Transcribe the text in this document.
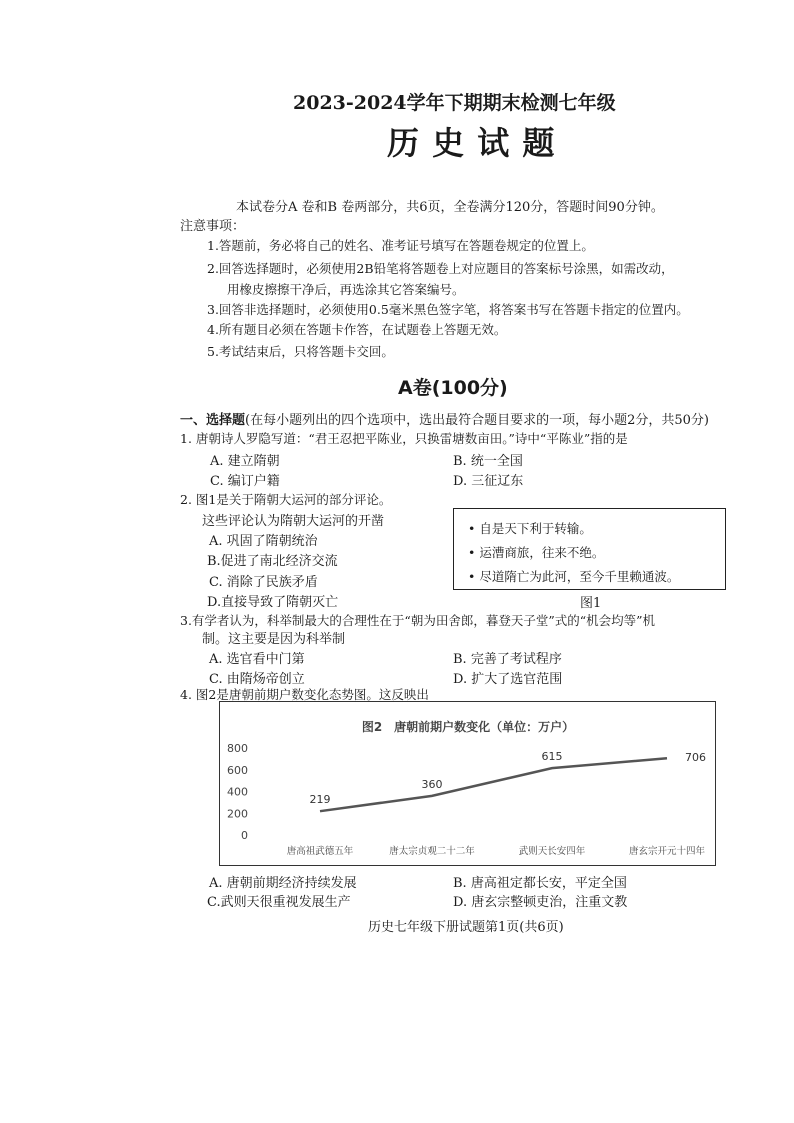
2023-2024学年下期期末检测七年级
历 史 试 题
本试卷分A 卷和B 卷两部分，共6页，全卷满分120分，答题时间90分钟。
注意事项：
1.答题前，务必将自己的姓名、准考证号填写在答题卷规定的位置上。
2.回答选择题时，必须使用2B铅笔将答题卷上对应题目的答案标号涂黑，如需改动，
用橡皮擦擦干净后，再选涂其它答案编号。
3.回答非选择题时，必须使用0.5毫米黑色签字笔，将答案书写在答题卡指定的位置内。
4.所有题目必须在答题卡作答，在试题卷上答题无效。
5.考试结束后，只将答题卡交回。
A卷(100分)
一、选择题(在每小题列出的四个选项中，选出最符合题目要求的一项，每小题2分，共50分)
1. 唐朝诗人罗隐写道：“君王忍把平陈业，只换雷塘数亩田。”诗中“平陈业”指的是
A. 建立隋朝	B. 统一全国
C. 编订户籍	D. 三征辽东
2. 图1是关于隋朝大运河的部分评论。
这些评论认为隋朝大运河的开凿
A. 巩固了隋朝统治
B.促进了南北经济交流
C. 消除了民族矛盾
D.直接导致了隋朝灭亡
• 自是天下利于转输。
• 运漕商旅，往来不绝。
• 尽道隋亡为此河，至今千里赖通波。
图1
3.有学者认为，科举制最大的合理性在于“朝为田舍郎，暮登天子堂”式的“机会均等”机
制。这主要是因为科举制
A. 选官看中门第	B. 完善了考试程序
C. 由隋炀帝创立	D. 扩大了选官范围
4. 图2是唐朝前期户数变化态势图。这反映出
图2　唐朝前期户数变化（单位：万户）
0
200
400
600
800
唐高祖武德五年	唐太宗贞观二十二年	武则天长安四年	唐玄宗开元十四年
219
360
615	706
A. 唐朝前期经济持续发展	B. 唐高祖定都长安，平定全国
C.武则天很重视发展生产	D. 唐玄宗整顿吏治，注重文教
历史七年级下册试题第1页(共6页)
